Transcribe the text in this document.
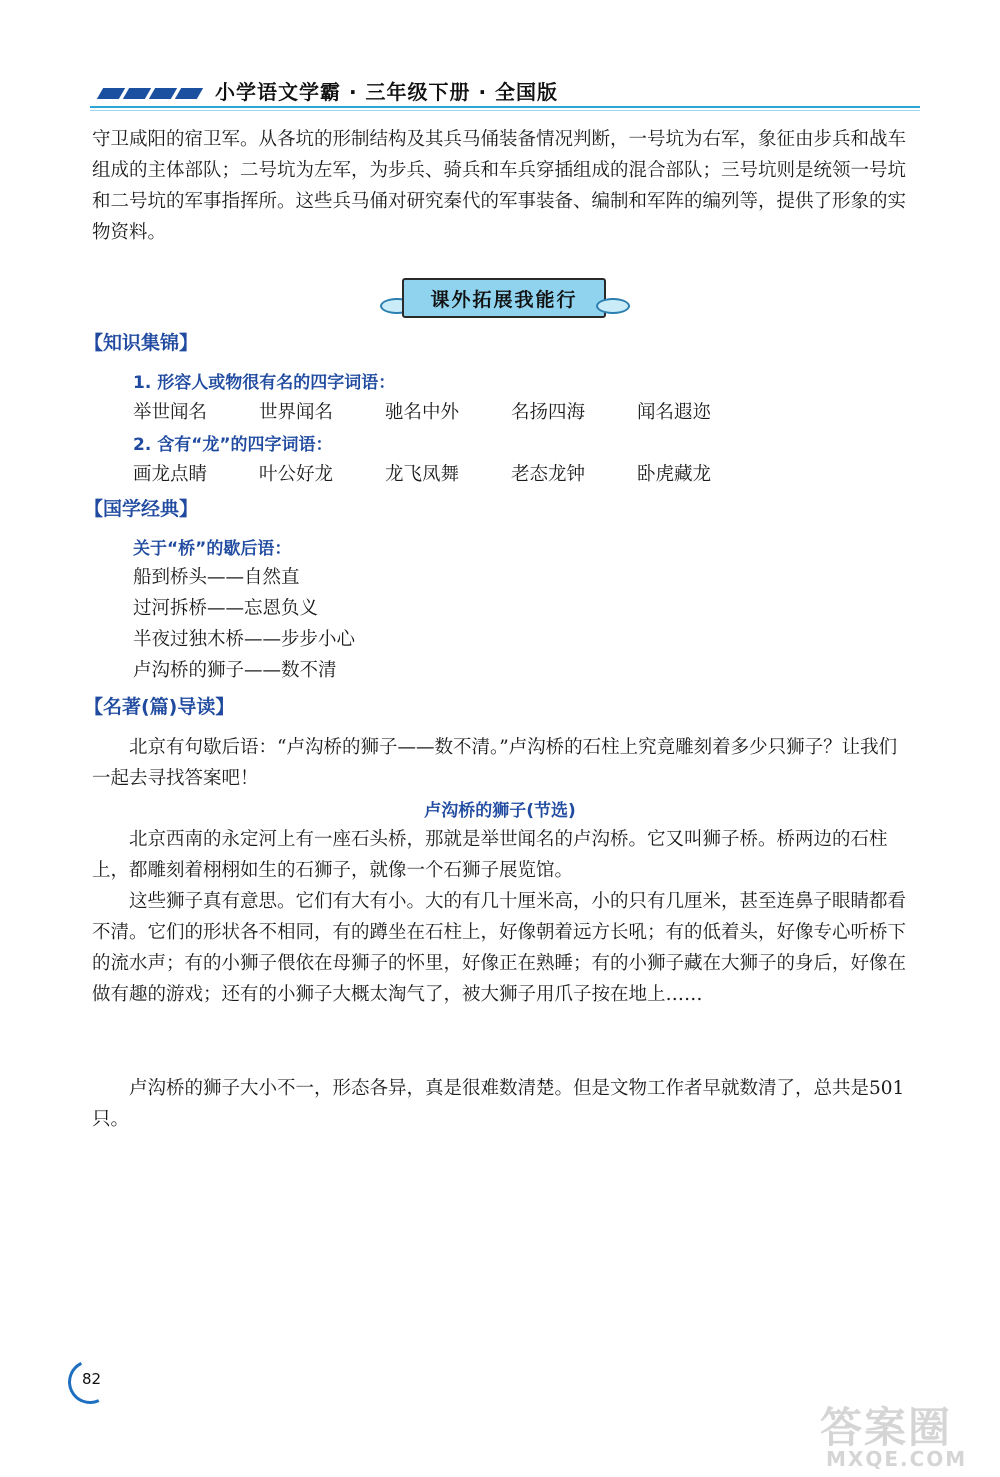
小学语文学霸 · 三年级下册 · 全国版
守卫咸阳的宿卫军。从各坑的形制结构及其兵马俑装备情况判断，一号坑为右军，象征由步兵和战车组成的主体部队；二号坑为左军，为步兵、骑兵和车兵穿插组成的混合部队；三号坑则是统领一号坑和二号坑的军事指挥所。这些兵马俑对研究秦代的军事装备、编制和军阵的编列等，提供了形象的实物资料。
课外拓展我能行
【知识集锦】
1. 形容人或物很有名的四字词语：
举世闻名	世界闻名	驰名中外	名扬四海	闻名遐迩
2. 含有“龙”的四字词语：
画龙点睛	叶公好龙	龙飞凤舞	老态龙钟	卧虎藏龙
【国学经典】
关于“桥”的歇后语：
船到桥头——自然直
过河拆桥——忘恩负义
半夜过独木桥——步步小心
卢沟桥的狮子——数不清
【名著(篇)导读】
北京有句歇后语：“卢沟桥的狮子——数不清。”卢沟桥的石柱上究竟雕刻着多少只狮子？让我们一起去寻找答案吧！
卢沟桥的狮子(节选)
北京西南的永定河上有一座石头桥，那就是举世闻名的卢沟桥。它又叫狮子桥。桥两边的石柱上，都雕刻着栩栩如生的石狮子，就像一个石狮子展览馆。
这些狮子真有意思。它们有大有小。大的有几十厘米高，小的只有几厘米，甚至连鼻子眼睛都看不清。它们的形状各不相同，有的蹲坐在石柱上，好像朝着远方长吼；有的低着头，好像专心听桥下的流水声；有的小狮子偎依在母狮子的怀里，好像正在熟睡；有的小狮子藏在大狮子的身后，好像在做有趣的游戏；还有的小狮子大概太淘气了，被大狮子用爪子按在地上……
卢沟桥的狮子大小不一，形态各异，真是很难数清楚。但是文物工作者早就数清了，总共是501只。
82
答案圈
MXQE.COM
